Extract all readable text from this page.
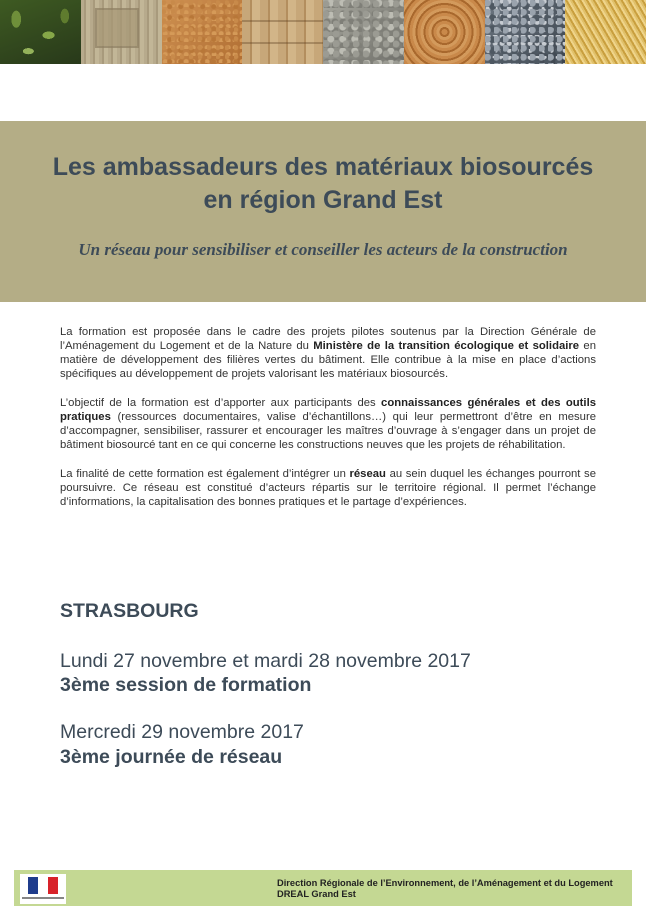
Les ambassadeurs des matériaux biosourcés
en région Grand Est
Un réseau pour sensibiliser et conseiller les acteurs de la construction

La formation est proposée dans le cadre des projets pilotes soutenus par la Direction Générale de l’Aménagement du Logement et de la Nature du Ministère de la transition écologique et solidaire en matière de développement des filières vertes du bâtiment. Elle contribue à la mise en place d’actions spécifiques au développement de projets valorisant les matériaux biosourcés.

L’objectif de la formation est d’apporter aux participants des connaissances générales et des outils pratiques (ressources documentaires, valise d’échantillons…) qui leur permettront d’être en mesure d’accompagner, sensibiliser, rassurer et encourager les maîtres d’ouvrage à s’engager dans un projet de bâtiment biosourcé tant en ce qui concerne les constructions neuves que les projets de réhabilitation.

La finalité de cette formation est également d’intégrer un réseau au sein duquel les échanges pourront se poursuivre. Ce réseau est constitué d’acteurs répartis sur le territoire régional. Il permet l’échange d’informations, la capitalisation des bonnes pratiques et le partage d’expériences.

STRASBOURG
Lundi 27 novembre et mardi 28 novembre 2017
3ème session de formation
Mercredi 29 novembre 2017
3ème journée de réseau
Direction Régionale de l’Environnement, de l’Aménagement et du Logement
DREAL Grand Est
